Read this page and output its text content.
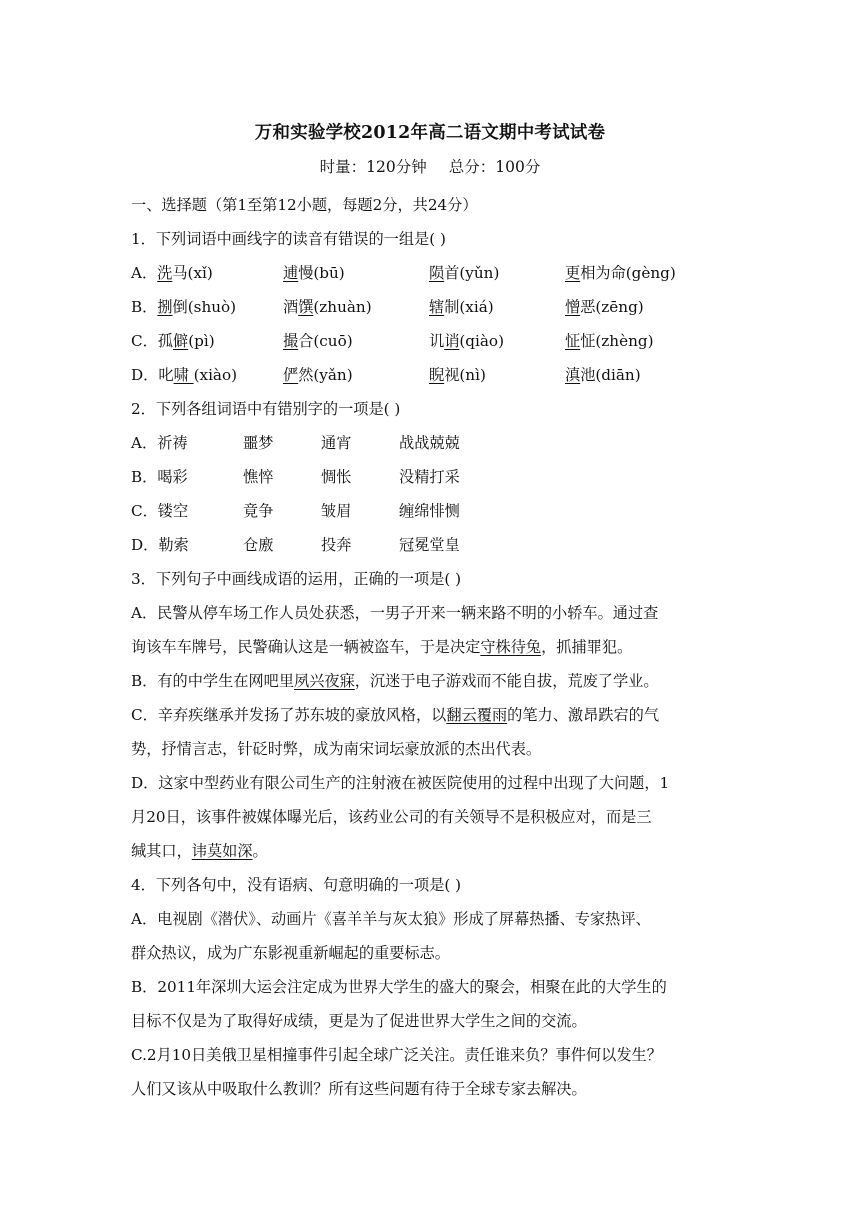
万和实验学校2012年高二语文期中考试试卷
时量：120分钟 总分：100分
一、选择题（第1至第12小题，每题2分，共24分）
1．下列词语中画线字的读音有错误的一组是( )
A．洗马(xǐ)	逋慢(bū)	陨首(yǔn)	更相为命(gèng)
B．捌倒(shuò)	酒馔(zhuàn)	辖制(xiá)	憎恶(zēng)
C．孤僻(pì)	撮合(cuō)	讥诮(qiào)	怔怔(zhèng)
D．叱啸 (xiào)	俨然(yǎn)	睨视(nì)	滇池(diān)
2．下列各组词语中有错别字的一项是( )
A．祈祷	噩梦	通宵	战战兢兢
B．喝彩	憔悴	惆怅	没精打采
C．镂空	竟争	皱眉	缠绵悱恻
D．勒索	仓廒	投奔	冠冕堂皇
3．下列句子中画线成语的运用，正确的一项是( )
A．民警从停车场工作人员处获悉，一男子开来一辆来路不明的小轿车。通过查
询该车车牌号，民警确认这是一辆被盗车，于是决定守株待兔，抓捕罪犯。
B．有的中学生在网吧里夙兴夜寐，沉迷于电子游戏而不能自拔，荒废了学业。
C．辛弃疾继承并发扬了苏东坡的豪放风格，以翻云覆雨的笔力、激昂跌宕的气
势，抒情言志，针砭时弊，成为南宋词坛豪放派的杰出代表。
D．这家中型药业有限公司生产的注射液在被医院使用的过程中出现了大问题，1
月20日，该事件被媒体曝光后，该药业公司的有关领导不是积极应对，而是三
缄其口，讳莫如深。
4．下列各句中，没有语病、句意明确的一项是( )
A．电视剧《潜伏》、动画片《喜羊羊与灰太狼》形成了屏幕热播、专家热评、
群众热议，成为广东影视重新崛起的重要标志。
B．2011年深圳大运会注定成为世界大学生的盛大的聚会，相聚在此的大学生的
目标不仅是为了取得好成绩，更是为了促进世界大学生之间的交流。
C.2月10日美俄卫星相撞事件引起全球广泛关注。责任谁来负？事件何以发生？
人们又该从中吸取什么教训？所有这些问题有待于全球专家去解决。
